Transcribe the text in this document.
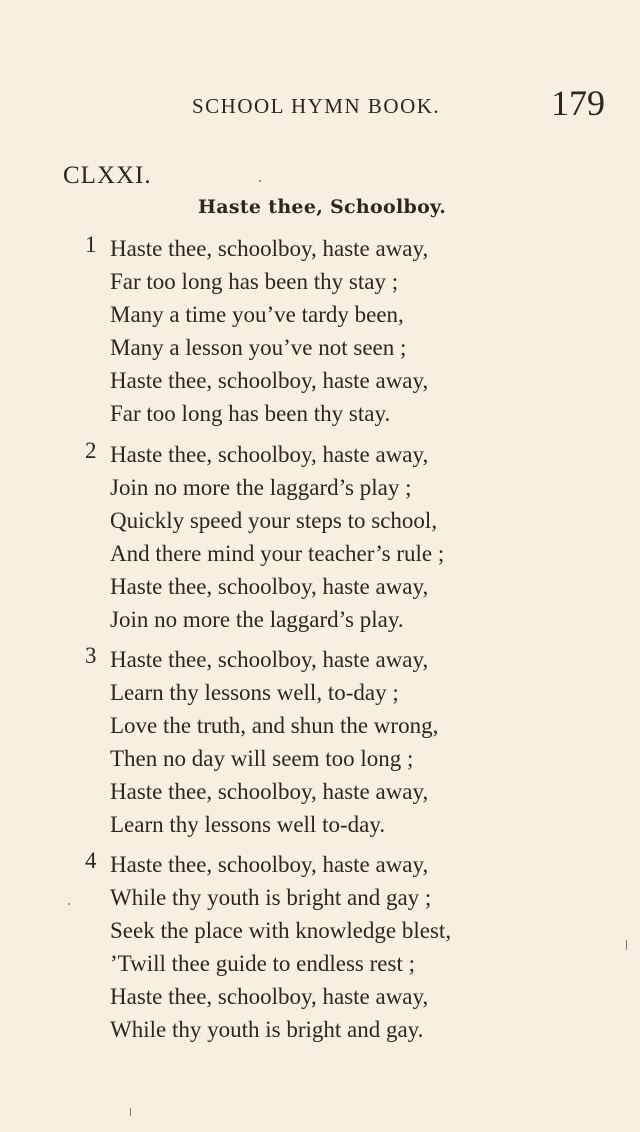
SCHOOL HYMN BOOK.	179
CLXXI.
Haste thee, Schoolboy.
1 Haste thee, schoolboy, haste away,
Far too long has been thy stay ;
Many a time you’ve tardy been,
Many a lesson you’ve not seen ;
Haste thee, schoolboy, haste away,
Far too long has been thy stay.
2 Haste thee, schoolboy, haste away,
Join no more the laggard’s play ;
Quickly speed your steps to school,
And there mind your teacher’s rule ;
Haste thee, schoolboy, haste away,
Join no more the laggard’s play.
3 Haste thee, schoolboy, haste away,
Learn thy lessons well, to-day ;
Love the truth, and shun the wrong,
Then no day will seem too long ;
Haste thee, schoolboy, haste away,
Learn thy lessons well to-day.
4 Haste thee, schoolboy, haste away,
While thy youth is bright and gay ;
Seek the place with knowledge blest,
’Twill thee guide to endless rest ;
Haste thee, schoolboy, haste away,
While thy youth is bright and gay.
